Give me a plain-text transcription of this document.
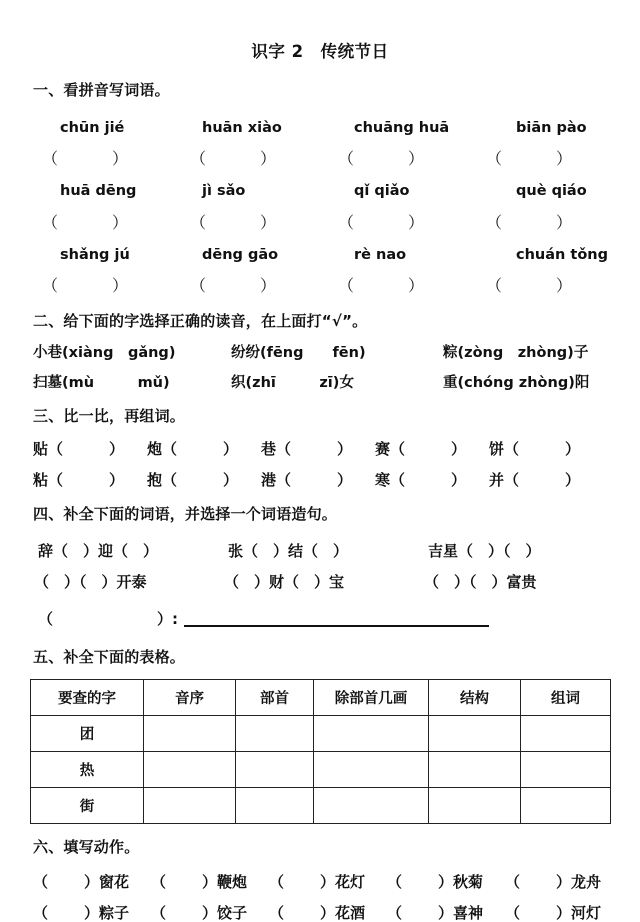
识字 2　传统节日
一、看拼音写词语。
chūn jié	huān xiào	chuāng huā	biān pào
（	）	（	）	（	）	（	）
huā dēng	jì sǎo	qǐ qiǎo	què qiáo
（	）	（	）	（	）	（	）
shǎng jú	dēng gāo	rè nao	chuán tǒng
（	）	（	）	（	）	（	）
二、给下面的字选择正确的读音，在上面打“√”。
小巷(xiàng　gǎng)	纷纷(fēng　　fēn)	粽(zòng　zhòng)子
扫墓(mù　　　mǔ)	织(zhī　　　zī)女	重(chóng zhòng)阳
三、比一比，再组词。
贴（	）	炮（	）	巷（	）	赛（	）	饼（	）
粘（	）	抱（	）	港（	）	寒（	）	并（	）
四、补全下面的词语，并选择一个词语造句。
辞（　）迎（　）	张（　）结（　）	吉星（　）（　）
（　）（　）开泰	（　）财（　）宝	（　）（　）富贵
（	）:
五、补全下面的表格。
要查的字	音序	部首	除部首几画	结构	组词
团					
热					
街					
六、填写动作。
（ ）窗花	（ ）鞭炮	（ ）花灯	（ ）秋菊	（ ）龙舟
（ ）粽子	（ ）饺子	（ ）花酒	（ ）喜神	（ ）河灯
